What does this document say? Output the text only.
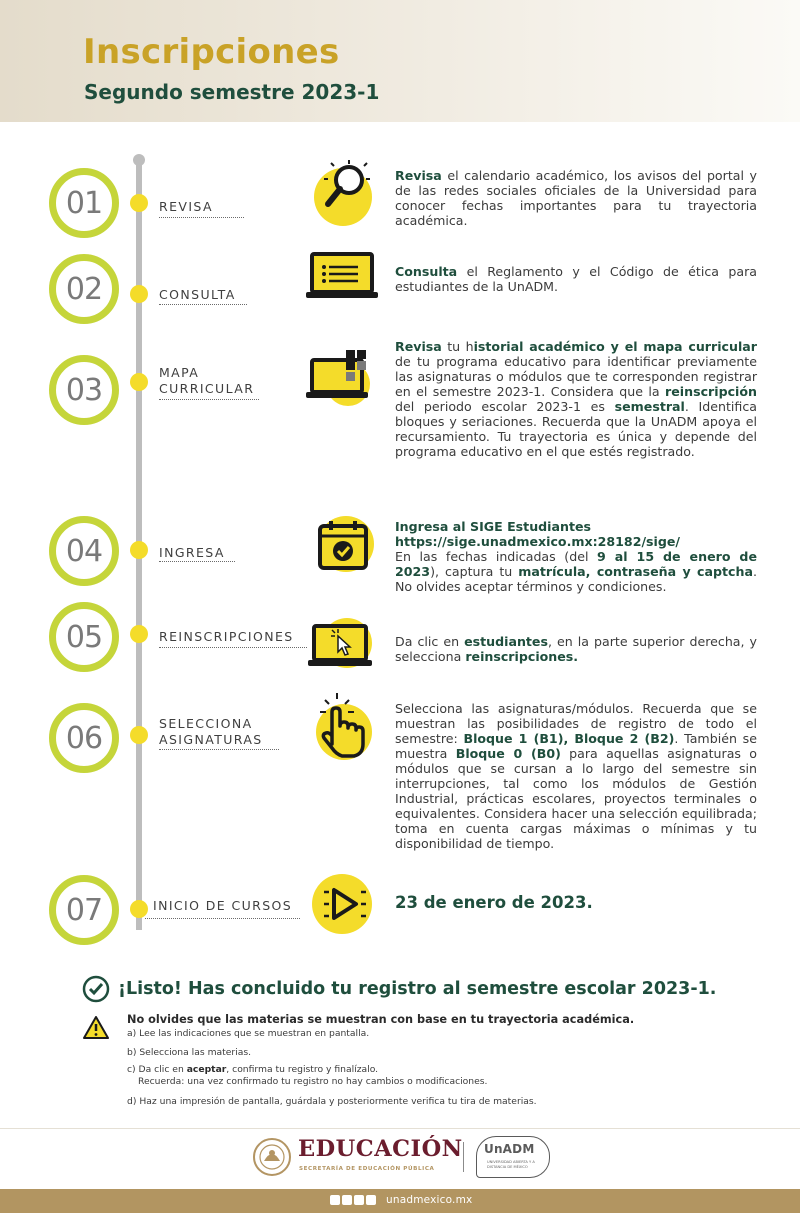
Inscripciones
Segundo semestre 2023-1
01	REVISA
Revisa el calendario académico, los avisos del portal y de las redes sociales oficiales de la Universidad para conocer fechas importantes para tu trayectoria académica.
02	CONSULTA
Consulta el Reglamento y el Código de ética para estudiantes de la UnADM.
03	MAPA
CURRICULAR
Revisa tu historial académico y el mapa curricular de tu programa educativo para identificar previamente las asignaturas o módulos que te corresponden registrar en el semestre 2023-1. Considera que la reinscripción del periodo escolar 2023-1 es semestral. Identifica bloques y seriaciones. Recuerda que la UnADM apoya el recursamiento. Tu trayectoria es única y depende del programa educativo en el que estés registrado.
04	INGRESA
Ingresa al SIGE Estudiantes
https://sige.unadmexico.mx:28182/sige/
En las fechas indicadas (del 9 al 15 de enero de 2023), captura tu matrícula, contraseña y captcha. No olvides aceptar términos y condiciones.
05	REINSCRIPCIONES	Da clic en estudiantes, en la parte superior derecha, y selecciona reinscripciones.
06	SELECCIONA
ASIGNATURAS
Selecciona las asignaturas/módulos. Recuerda que se muestran las posibilidades de registro de todo el semestre: Bloque 1 (B1), Bloque 2 (B2). También se muestra Bloque 0 (B0) para aquellas asignaturas o módulos que se cursan a lo largo del semestre sin interrupciones, tal como los módulos de Gestión Industrial, prácticas escolares, proyectos terminales o equivalentes. Considera hacer una selección equilibrada; toma en cuenta cargas máximas o mínimas y tu disponibilidad de tiempo.
07	INICIO DE CURSOS	23 de enero de 2023.
¡Listo! Has concluido tu registro al semestre escolar 2023-1.
No olvides que las materias se muestran con base en tu trayectoria académica.
a) Lee las indicaciones que se muestran en pantalla.
b) Selecciona las materias.
c) Da clic en aceptar, confirma tu registro y finalízalo.
Recuerda: una vez confirmado tu registro no hay cambios o modificaciones.
d) Haz una impresión de pantalla, guárdala y posteriormente verifica tu tira de materias.
EDUCACIÓN
SECRETARÍA DE EDUCACIÓN PÚBLICA
UnADM
UNIVERSIDAD ABIERTA Y A DISTANCIA DE MÉXICO
unadmexico.mx
